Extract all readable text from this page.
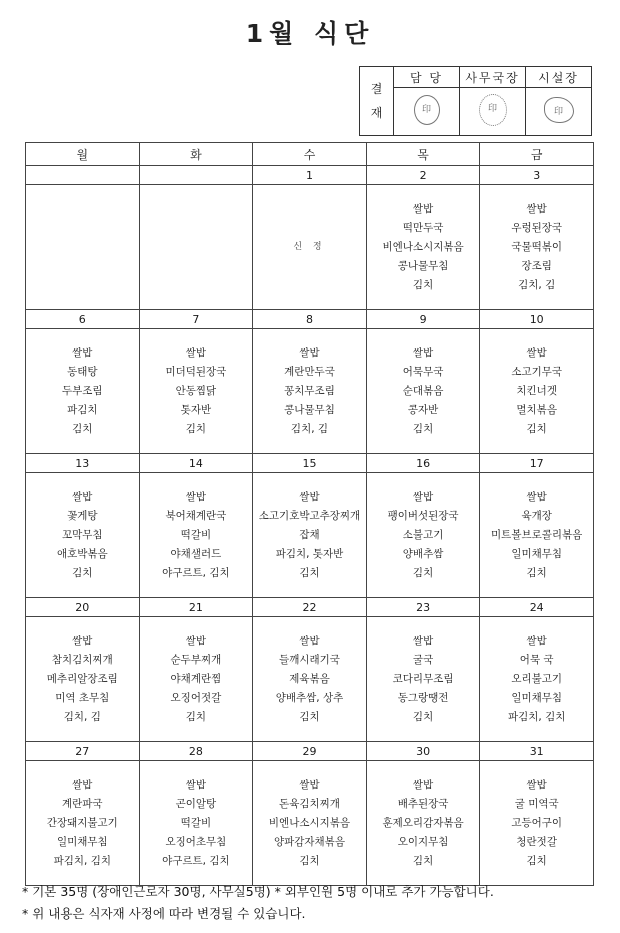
1월 식단
결
재	담 당	사무국장	시설장
	印	印	印
월	화	수	목	금
		1	2	3

		신 정	쌀밥
떡만두국
비엔나소시지볶음
콩나물무침
김치	쌀밥
우렁된장국
국물떡볶이
장조림
김치, 김

6	7	8	9	10

쌀밥
동태탕
두부조림
파김치
김치	쌀밥
미더덕된장국
안동찜닭
톳자반
김치	쌀밥
계란만두국
꽁치무조림
콩나물무침
김치, 김	쌀밥
어묵무국
순대볶음
콩자반
김치	쌀밥
소고기무국
치킨너겟
멸치볶음
김치

13	14	15	16	17

쌀밥
꽃게탕
꼬막무침
애호박볶음
김치	쌀밥
북어채계란국
떡갈비
야채샐러드
야구르트, 김치	쌀밥
소고기호박고추장찌개
잡채
파김치, 톳자반
김치	쌀밥
팽이버섯된장국
소불고기
양배추쌈
김치	쌀밥
육개장
미트볼브로콜리볶음
일미채무침
김치

20	21	22	23	24

쌀밥
참치김치찌개
메추리알장조림
미역 초무침
김치, 김	쌀밥
순두부찌개
야채계란찜
오징어젓갈
김치	쌀밥
들깨시래기국
제육볶음
양배추쌈, 상추
김치	쌀밥
굴국
코다리무조림
동그랑땡전
김치	쌀밥
어묵 국
오리불고기
일미채무침
파김치, 김치

27	28	29	30	31

쌀밥
계란파국
간장돼지불고기
일미채무침
파김치, 김치	쌀밥
곤이알탕
떡갈비
오징어초무침
야구르트, 김치	쌀밥
돈육김치찌개
비엔나소시지볶음
양파감자채볶음
김치	쌀밥
배추된장국
훈제오리감자볶음
오이지무침
김치	쌀밥
굴 미역국
고등어구이
청란젓갈
김치
* 기본 35명 (장애인근로자 30명, 사무실5명) * 외부인원 5명 이내로 추가 가능합니다.
* 위 내용은 식자재 사정에 따라 변경될 수 있습니다.
